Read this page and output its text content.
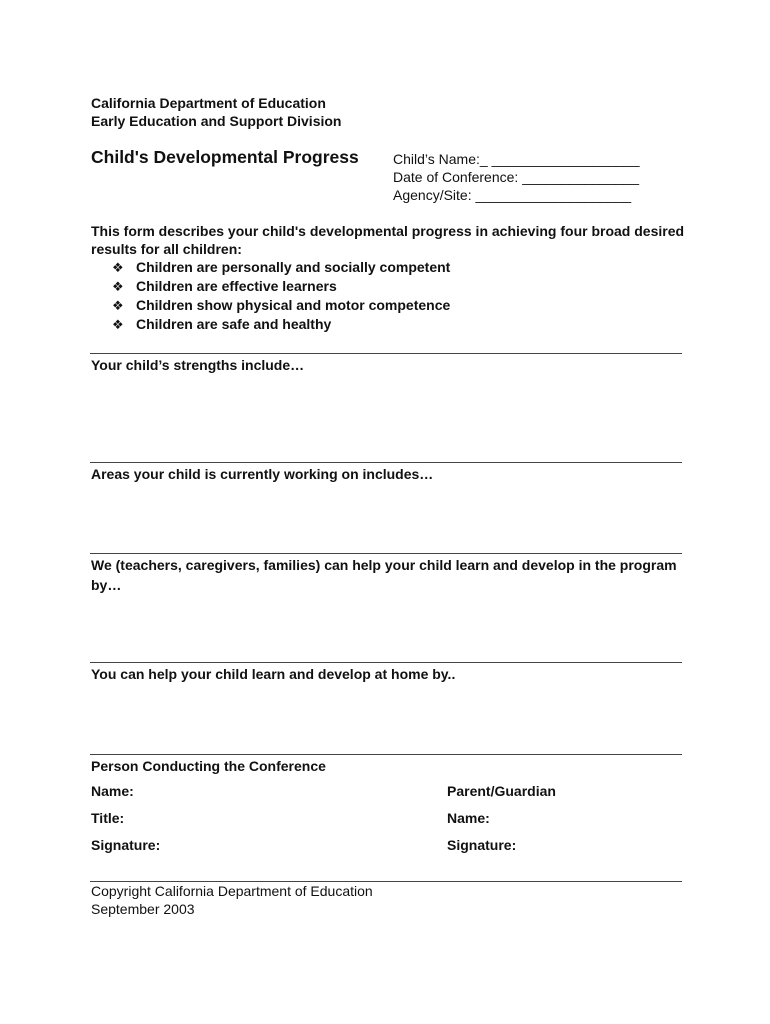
California Department of Education
Early Education and Support Division
Child's Developmental Progress Child’s Name:_ ___________________
Date of Conference: _______________
Agency/Site: ____________________
This form describes your child's developmental progress in achieving four broad desired results for all children:
❖ Children are personally and socially competent
❖ Children are effective learners
❖ Children show physical and motor competence
❖ Children are safe and healthy
Your child’s strengths include…
Areas your child is currently working on includes…
We (teachers, caregivers, families) can help your child learn and develop in the program by…
You can help your child learn and develop at home by..
Person Conducting the Conference
Name:
Title:
Signature:
Parent/Guardian
Name:
Signature:
Copyright California Department of Education
September 2003
